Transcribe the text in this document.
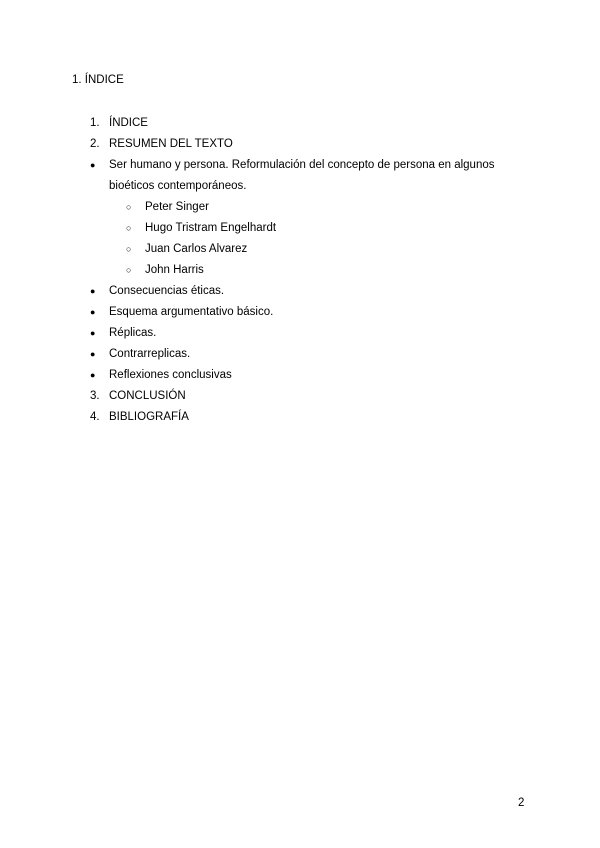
1. ÍNDICE
1. ÍNDICE
2. RESUMEN DEL TEXTO
●	Ser humano y persona. Reformulación del concepto de persona en algunos bioéticos contemporáneos.
○	Peter Singer
○	Hugo Tristram Engelhardt
○	Juan Carlos Alvarez
○	John Harris
●	Consecuencias éticas.
●	Esquema argumentativo básico.
●	Réplicas.
●	Contrarreplicas.
●	Reflexiones conclusivas
3. CONCLUSIÓN
4. BIBLIOGRAFÍA
2
